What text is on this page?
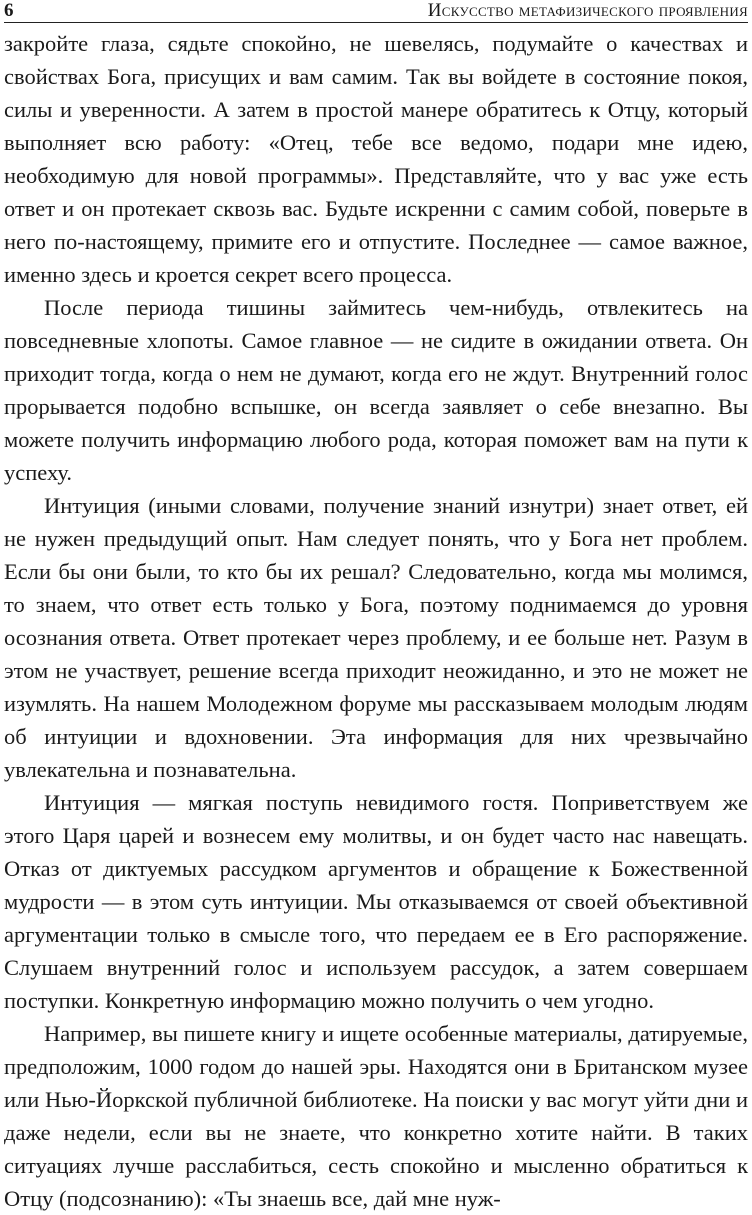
6	Искусство метафизического проявления

закройте глаза, сядьте спокойно, не шевелясь, подумайте о качествах и свойствах Бога, присущих и вам самим. Так вы войдете в состояние покоя, силы и уверенности. А затем в простой манере обратитесь к Отцу, который выполняет всю работу: «Отец, тебе все ведомо, подари мне идею, необходимую для новой программы». Представляйте, что у вас уже есть ответ и он протекает сквозь вас. Будьте искренни с самим собой, поверьте в него по-настоящему, примите его и отпустите. Последнее — самое важное, именно здесь и кроется секрет всего процесса.

После периода тишины займитесь чем-нибудь, отвлекитесь на повседневные хлопоты. Самое главное — не сидите в ожидании ответа. Он приходит тогда, когда о нем не думают, когда его не ждут. Внутренний голос прорывается подобно вспышке, он всегда заявляет о себе внезапно. Вы можете получить информацию любого рода, которая поможет вам на пути к успеху.

Интуиция (иными словами, получение знаний изнутри) знает ответ, ей не нужен предыдущий опыт. Нам следует понять, что у Бога нет проблем. Если бы они были, то кто бы их решал? Следовательно, когда мы молимся, то знаем, что ответ есть только у Бога, поэтому поднимаемся до уровня осознания ответа. Ответ протекает через проблему, и ее больше нет. Разум в этом не участвует, решение всегда приходит неожиданно, и это не может не изумлять. На нашем Молодежном форуме мы рассказываем молодым людям об интуиции и вдохновении. Эта информация для них чрезвычайно увлекательна и познавательна.

Интуиция — мягкая поступь невидимого гостя. Поприветствуем же этого Царя царей и вознесем ему молитвы, и он будет часто нас навещать. Отказ от диктуемых рассудком аргументов и обращение к Божественной мудрости — в этом суть интуиции. Мы отказываемся от своей объективной аргументации только в смысле того, что передаем ее в Его распоряжение. Слушаем внутренний голос и используем рассудок, а затем совершаем поступки. Конкретную информацию можно получить о чем угодно.

Например, вы пишете книгу и ищете особенные материалы, датируемые, предположим, 1000 годом до нашей эры. Находятся они в Британском музее или Нью-Йоркской публичной библиотеке. На поиски у вас могут уйти дни и даже недели, если вы не знаете, что конкретно хотите найти. В таких ситуациях лучше расслабиться, сесть спокойно и мысленно обратиться к Отцу (подсознанию): «Ты знаешь все, дай мне нуж-
